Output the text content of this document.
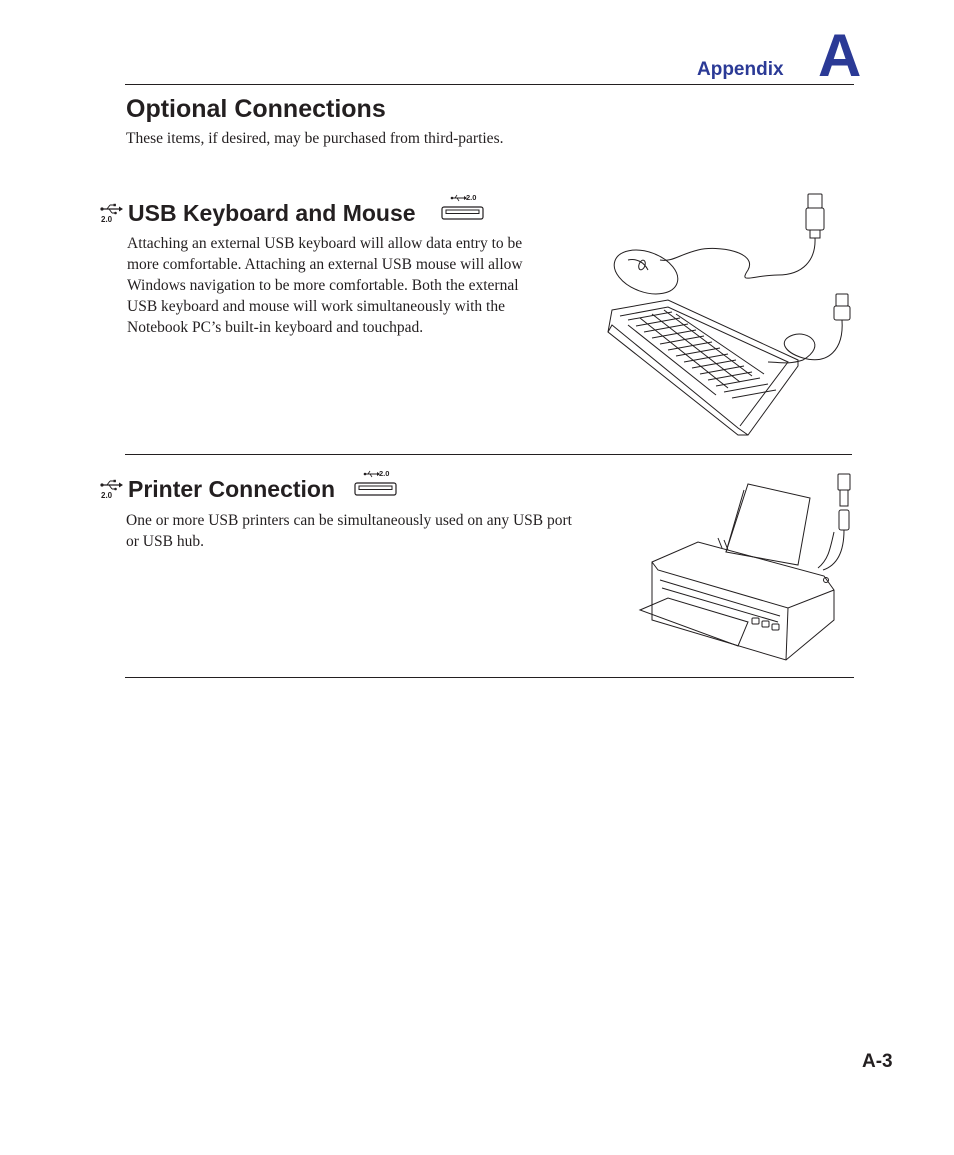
Appendix A
Optional Connections
These items, if desired, may be purchased from third-parties.
2.0 USB Keyboard and Mouse
2.0
Attaching an external USB keyboard will allow data entry to be
more comfortable. Attaching an external USB mouse will allow
Windows navigation to be more comfortable. Both the external
USB keyboard and mouse will work simultaneously with the
Notebook PC’s built-in keyboard and touchpad.
2.0 Printer Connection
2.0
One or more USB printers can be simultaneously used on any USB port
or USB hub.
A-3
